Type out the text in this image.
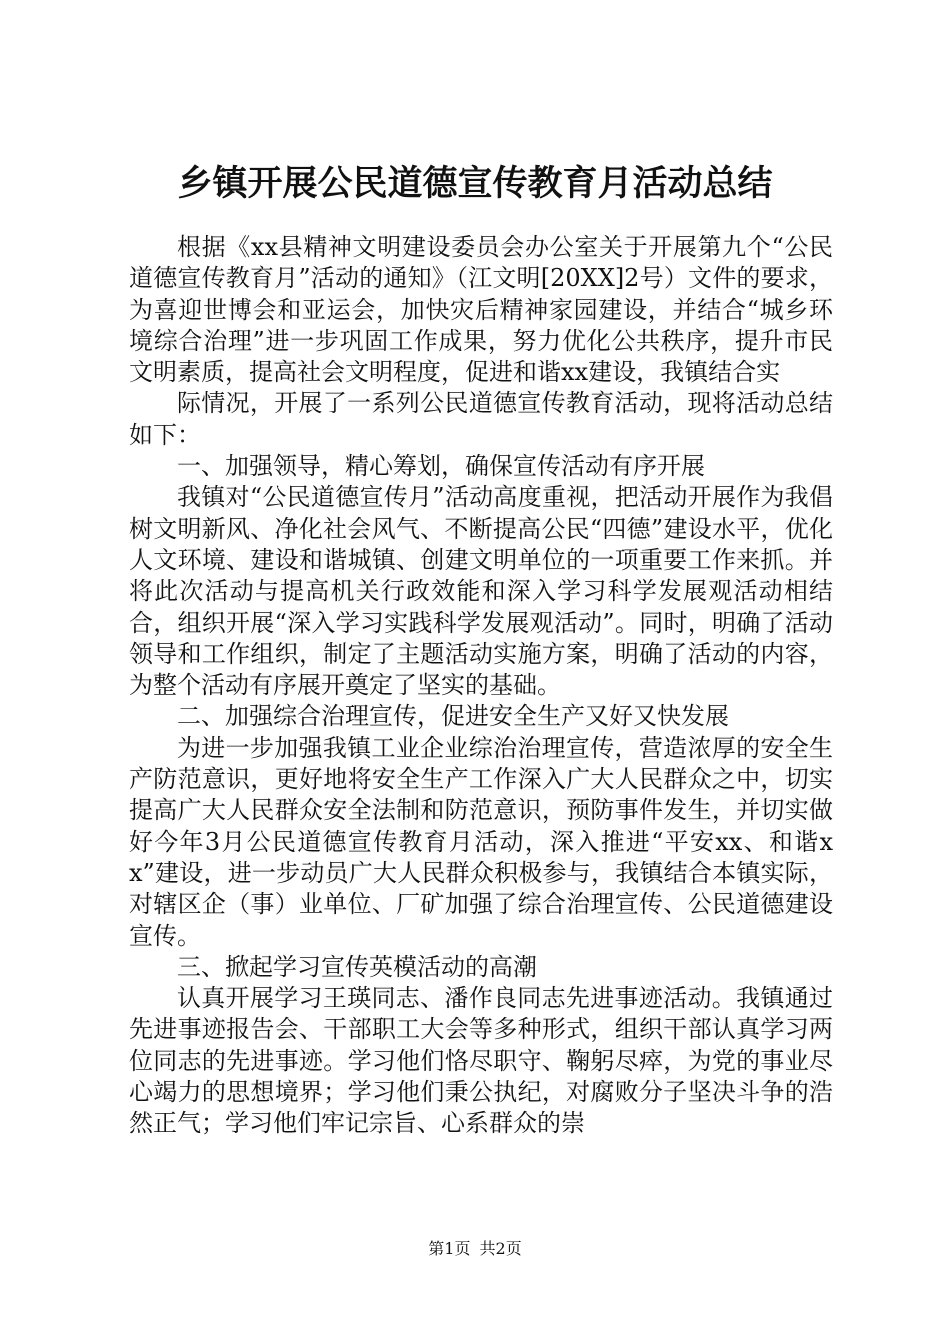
乡镇开展公民道德宣传教育月活动总结

根据《xx县精神文明建设委员会办公室关于开展第九个“公民道德宣传教育月”活动的通知》（江文明[20XX]2号）文件的要求，为喜迎世博会和亚运会，加快灾后精神家园建设，并结合“城乡环境综合治理”进一步巩固工作成果，努力优化公共秩序，提升市民文明素质，提高社会文明程度，促进和谐xx建设，我镇结合实

际情况，开展了一系列公民道德宣传教育活动，现将活动总结如下：

一、加强领导，精心筹划，确保宣传活动有序开展

我镇对“公民道德宣传月”活动高度重视，把活动开展作为我倡树文明新风、净化社会风气、不断提高公民“四德”建设水平，优化人文环境、建设和谐城镇、创建文明单位的一项重要工作来抓。并将此次活动与提高机关行政效能和深入学习科学发展观活动相结合，组织开展“深入学习实践科学发展观活动”。同时，明确了活动领导和工作组织，制定了主题活动实施方案，明确了活动的内容，为整个活动有序展开奠定了坚实的基础。

二、加强综合治理宣传，促进安全生产又好又快发展

为进一步加强我镇工业企业综治治理宣传，营造浓厚的安全生产防范意识，更好地将安全生产工作深入广大人民群众之中，切实提高广大人民群众安全法制和防范意识，预防事件发生，并切实做好今年3月公民道德宣传教育月活动，深入推进“平安xx、和谐xx”建设，进一步动员广大人民群众积极参与，我镇结合本镇实际，对辖区企（事）业单位、厂矿加强了综合治理宣传、公民道德建设宣传。

三、掀起学习宣传英模活动的高潮

认真开展学习王瑛同志、潘作良同志先进事迹活动。我镇通过先进事迹报告会、干部职工大会等多种形式，组织干部认真学习两位同志的先进事迹。学习他们恪尽职守、鞠躬尽瘁，为党的事业尽心竭力的思想境界；学习他们秉公执纪，对腐败分子坚决斗争的浩然正气；学习他们牢记宗旨、心系群众的崇

第1页 共2页
